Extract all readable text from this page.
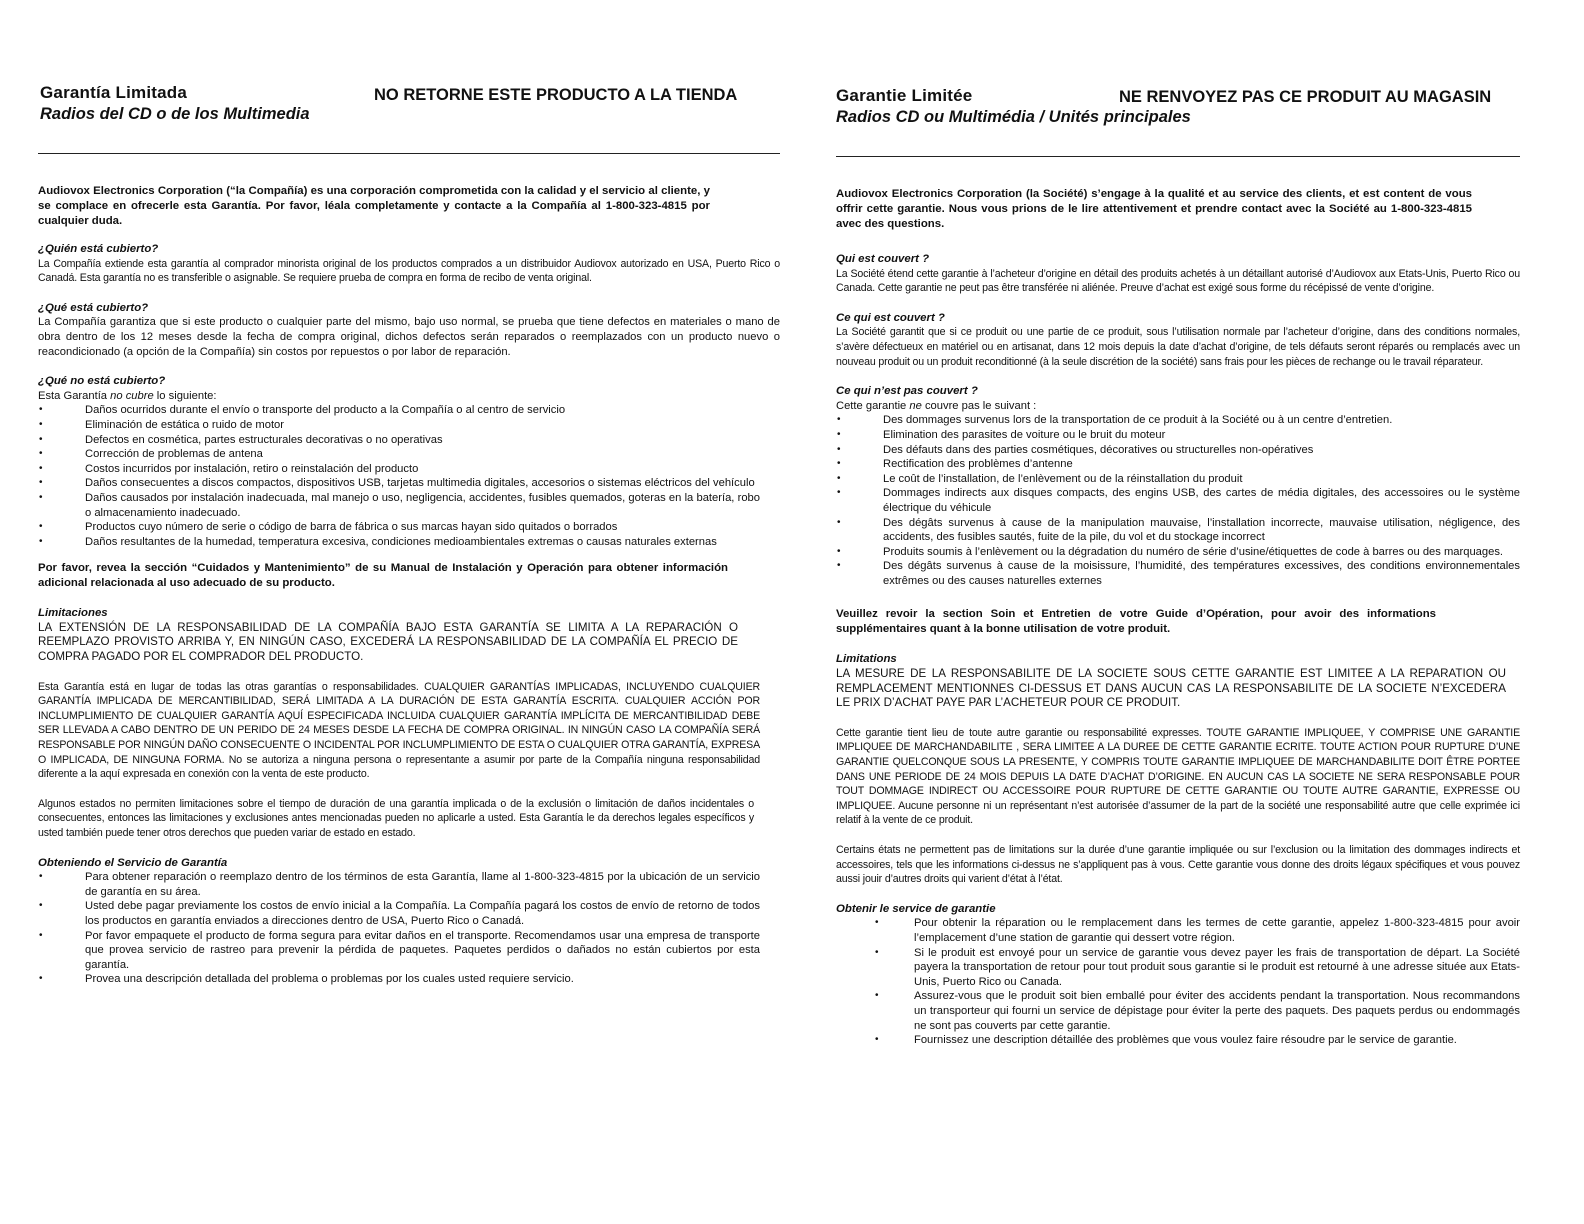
Garantía Limitada	NO RETORNE ESTE PRODUCTO A LA TIENDA
Radios del CD o de los Multimedia

Audiovox Electronics Corporation (“la Compañía) es una corporación comprometida con la calidad y el servicio al cliente, y se complace en ofrecerle esta Garantía. Por favor, léala completamente y contacte a la Compañía al 1-800-323-4815 por cualquier duda.

¿Quién está cubierto?

La Compañía extiende esta garantía al comprador minorista original de los productos comprados a un distribuidor Audiovox autorizado en USA, Puerto Rico o Canadá. Esta garantía no es transferible o asignable. Se requiere prueba de compra en forma de recibo de venta original.

¿Qué está cubierto?

La Compañía garantiza que si este producto o cualquier parte del mismo, bajo uso normal, se prueba que tiene defectos en materiales o mano de obra dentro de los 12 meses desde la fecha de compra original, dichos defectos serán reparados o reemplazados con un producto nuevo o reacondicionado (a opción de la Compañía) sin costos por repuestos o por labor de reparación.

¿Qué no está cubierto?

Esta Garantía no cubre lo siguiente:

• Daños ocurridos durante el envío o transporte del producto a la Compañía o al centro de servicio
• Eliminación de estática o ruido de motor
• Defectos en cosmética, partes estructurales decorativas o no operativas
• Corrección de problemas de antena
• Costos incurridos por instalación, retiro o reinstalación del producto
• Daños consecuentes a discos compactos, dispositivos USB, tarjetas multimedia digitales, accesorios o sistemas eléctricos del vehículo
• Daños causados por instalación inadecuada, mal manejo o uso, negligencia, accidentes, fusibles quemados, goteras en la batería, robo o almacenamiento inadecuado.
• Productos cuyo número de serie o código de barra de fábrica o sus marcas hayan sido quitados o borrados
• Daños resultantes de la humedad, temperatura excesiva, condiciones medioambientales extremas o causas naturales externas

Por favor, revea la sección “Cuidados y Mantenimiento” de su Manual de Instalación y Operación para obtener información adicional relacionada al uso adecuado de su producto.

Limitaciones

LA EXTENSIÓN DE LA RESPONSABILIDAD DE LA COMPAÑÍA BAJO ESTA GARANTÍA SE LIMITA A LA REPARACIÓN O REEMPLAZO PROVISTO ARRIBA Y, EN NINGÚN CASO, EXCEDERÁ LA RESPONSABILIDAD DE LA COMPAÑÍA EL PRECIO DE COMPRA PAGADO POR EL COMPRADOR DEL PRODUCTO.

Esta Garantía está en lugar de todas las otras garantías o responsabilidades. CUALQUIER GARANTÍAS IMPLICADAS, INCLUYENDO CUALQUIER GARANTÍA IMPLICADA DE MERCANTIBILIDAD, SERÁ LIMITADA A LA DURACIÓN DE ESTA GARANTÍA ESCRITA. CUALQUIER ACCIÓN POR INCLUMPLIMIENTO DE CUALQUIER GARANTÍA AQUÍ ESPECIFICADA INCLUIDA CUALQUIER GARANTÍA IMPLÍCITA DE MERCANTIBILIDAD DEBE SER LLEVADA A CABO DENTRO DE UN PERIDO DE 24 MESES DESDE LA FECHA DE COMPRA ORIGINAL. IN NINGÚN CASO LA COMPAÑÍA SERÁ RESPONSABLE POR NINGÚN DAÑO CONSECUENTE O INCIDENTAL POR INCLUMPLIMIENTO DE ESTA O CUALQUIER OTRA GARANTÍA, EXPRESA O IMPLICADA, DE NINGUNA FORMA. No se autoriza a ninguna persona o representante a asumir por parte de la Compañía ninguna responsabilidad diferente a la aquí expresada en conexión con la venta de este producto.

Algunos estados no permiten limitaciones sobre el tiempo de duración de una garantía implicada o de la exclusión o limitación de daños incidentales o consecuentes, entonces las limitaciones y exclusiones antes mencionadas pueden no aplicarle a usted. Esta Garantía le da derechos legales específicos y usted también puede tener otros derechos que pueden variar de estado en estado.

Obteniendo el Servicio de Garantía

• Para obtener reparación o reemplazo dentro de los términos de esta Garantía, llame al 1-800-323-4815 por la ubicación de un servicio de garantía en su área.
• Usted debe pagar previamente los costos de envío inicial a la Compañía. La Compañía pagará los costos de envío de retorno de todos los productos en garantía enviados a direcciones dentro de USA, Puerto Rico o Canadá.
• Por favor empaquete el producto de forma segura para evitar daños en el transporte. Recomendamos usar una empresa de transporte que provea servicio de rastreo para prevenir la pérdida de paquetes. Paquetes perdidos o dañados no están cubiertos por esta garantía.
• Provea una descripción detallada del problema o problemas por los cuales usted requiere servicio.
Garantie Limitée	NE RENVOYEZ PAS CE PRODUIT AU MAGASIN
Radios CD ou Multimédia / Unités principales

Audiovox Electronics Corporation (la Société) s’engage à la qualité et au service des clients, et est content de vous offrir cette garantie. Nous vous prions de le lire attentivement et prendre contact avec la Société au 1-800-323-4815 avec des questions.

Qui est couvert ?

La Société étend cette garantie à l’acheteur d’origine en détail des produits achetés à un détaillant autorisé d’Audiovox aux Etats-Unis, Puerto Rico ou Canada. Cette garantie ne peut pas être transférée ni aliénée. Preuve d’achat est exigé sous forme du récépissé de vente d’origine.

Ce qui est couvert ?

La Société garantit que si ce produit ou une partie de ce produit, sous l’utilisation normale par l’acheteur d’origine, dans des conditions normales, s’avère défectueux en matériel ou en artisanat, dans 12 mois depuis la date d’achat d’origine, de tels défauts seront réparés ou remplacés avec un nouveau produit ou un produit reconditionné (à la seule discrétion de la société) sans frais pour les pièces de rechange ou le travail réparateur.

Ce qui n’est pas couvert ?

Cette garantie ne couvre pas le suivant :

• Des dommages survenus lors de la transportation de ce produit à la Société ou à un centre d’entretien.
• Elimination des parasites de voiture ou le bruit du moteur
• Des défauts dans des parties cosmétiques, décoratives ou structurelles non-opératives
• Rectification des problèmes d’antenne
• Le coût de l’installation, de l’enlèvement ou de la réinstallation du produit
• Dommages indirects aux disques compacts, des engins USB, des cartes de média digitales, des accessoires ou le système électrique du véhicule
• Des dégâts survenus à cause de la manipulation mauvaise, l’installation incorrecte, mauvaise utilisation, négligence, des accidents, des fusibles sautés, fuite de la pile, du vol et du stockage incorrect
• Produits soumis à l’enlèvement ou la dégradation du numéro de série d’usine/étiquettes de code à barres ou des marquages.
• Des dégâts survenus à cause de la moisissure, l’humidité, des températures excessives, des conditions environnementales extrêmes ou des causes naturelles externes

Veuillez revoir la section Soin et Entretien de votre Guide d’Opération, pour avoir des informations supplémentaires quant à la bonne utilisation de votre produit.

Limitations

LA MESURE DE LA RESPONSABILITE DE LA SOCIETE SOUS CETTE GARANTIE EST LIMITEE A LA REPARATION OU REMPLACEMENT MENTIONNES CI-DESSUS ET DANS AUCUN CAS LA RESPONSABILITE DE LA SOCIETE N’EXCEDERA LE PRIX D’ACHAT PAYE PAR L’ACHETEUR POUR CE PRODUIT.

Cette garantie tient lieu de toute autre garantie ou responsabilité expresses. TOUTE GARANTIE IMPLIQUEE, Y COMPRISE UNE GARANTIE IMPLIQUEE DE MARCHANDABILITE , SERA LIMITEE A LA DUREE DE CETTE GARANTIE ECRITE. TOUTE ACTION POUR RUPTURE D’UNE GARANTIE QUELCONQUE SOUS LA PRESENTE, Y COMPRIS TOUTE GARANTIE IMPLIQUEE DE MARCHANDABILITE DOIT ÊTRE PORTEE DANS UNE PERIODE DE 24 MOIS DEPUIS LA DATE D’ACHAT D’ORIGINE. EN AUCUN CAS LA SOCIETE NE SERA RESPONSABLE POUR TOUT DOMMAGE INDIRECT OU ACCESSOIRE POUR RUPTURE DE CETTE GARANTIE OU TOUTE AUTRE GARANTIE, EXPRESSE OU IMPLIQUEE. Aucune personne ni un représentant n’est autorisée d’assumer de la part de la société une responsabilité autre que celle exprimée ici relatif à la vente de ce produit.

Certains états ne permettent pas de limitations sur la durée d’une garantie impliquée ou sur l’exclusion ou la limitation des dommages indirects et accessoires, tels que les informations ci-dessus ne s’appliquent pas à vous. Cette garantie vous donne des droits légaux spécifiques et vous pouvez aussi jouir d’autres droits qui varient d’état à l’état.

Obtenir le service de garantie

• Pour obtenir la réparation ou le remplacement dans les termes de cette garantie, appelez 1-800-323-4815 pour avoir l’emplacement d’une station de garantie qui dessert votre région.
• Si le produit est envoyé pour un service de garantie vous devez payer les frais de transportation de départ. La Société payera la transportation de retour pour tout produit sous garantie si le produit est retourné à une adresse située aux Etats-Unis, Puerto Rico ou Canada.
• Assurez-vous que le produit soit bien emballé pour éviter des accidents pendant la transportation. Nous recommandons un transporteur qui fourni un service de dépistage pour éviter la perte des paquets. Des paquets perdus ou endommagés ne sont pas couverts par cette garantie.
• Fournissez une description détaillée des problèmes que vous voulez faire résoudre par le service de garantie.
